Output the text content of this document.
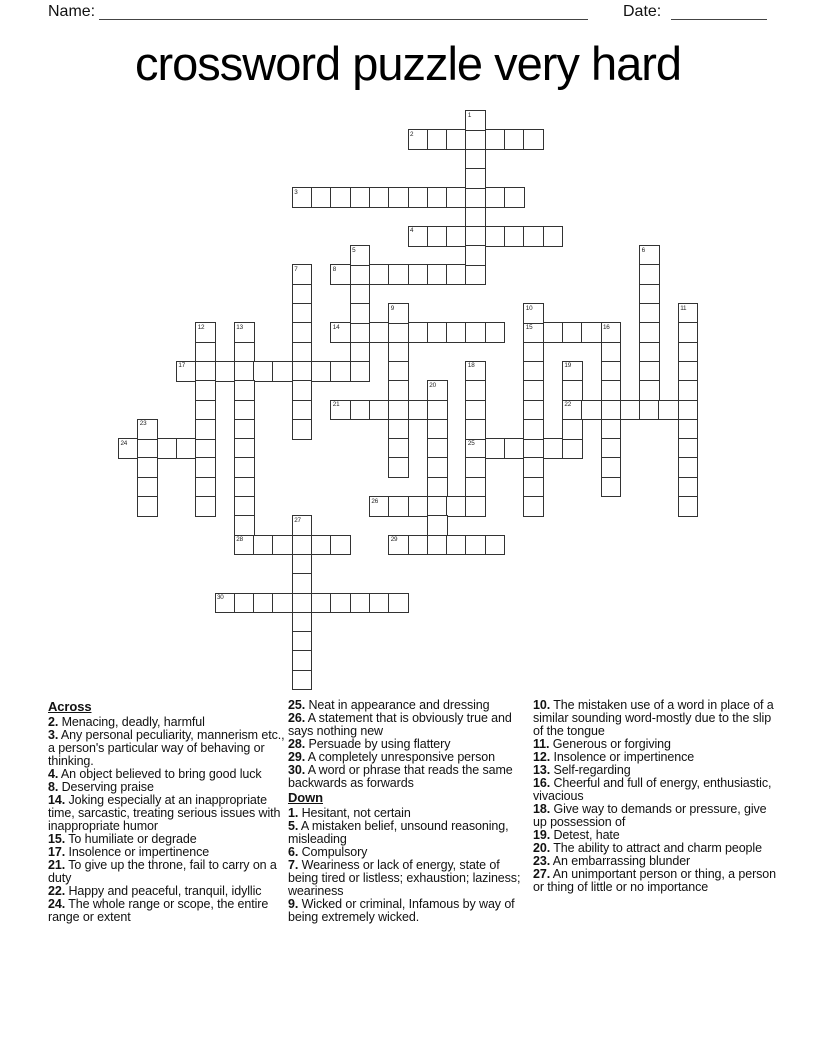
Name:	Date:
crossword puzzle very hard
2
3
4
8
14	15	16
17
21	22
24	25
26
28	29
30
1
5	6
7
9	10	11
12	13
18	19
20
23
27
Across
2. Menacing, deadly, harmful
3. Any personal peculiarity, mannerism etc., a person's particular way of behaving or thinking.
4. An object believed to bring good luck
8. Deserving praise
14. Joking especially at an inappropriate time, sarcastic, treating serious issues with inappropriate humor
15. To humiliate or degrade
17. Insolence or impertinence
21. To give up the throne, fail to carry on a duty
22. Happy and peaceful, tranquil, idyllic
24. The whole range or scope, the entire range or extent
25. Neat in appearance and dressing
26. A statement that is obviously true and says nothing new
28. Persuade by using flattery
29. A completely unresponsive person
30. A word or phrase that reads the same backwards as forwards
Down
1. Hesitant, not certain
5. A mistaken belief, unsound reasoning, misleading
6. Compulsory
7. Weariness or lack of energy, state of being tired or listless; exhaustion; laziness; weariness
9. Wicked or criminal, Infamous by way of being extremely wicked.
10. The mistaken use of a word in place of a similar sounding word-mostly due to the slip of the tongue
11. Generous or forgiving
12. Insolence or impertinence
13. Self-regarding
16. Cheerful and full of energy, enthusiastic, vivacious
18. Give way to demands or pressure, give up possession of
19. Detest, hate
20. The ability to attract and charm people
23. An embarrassing blunder
27. An unimportant person or thing, a person or thing of little or no importance
